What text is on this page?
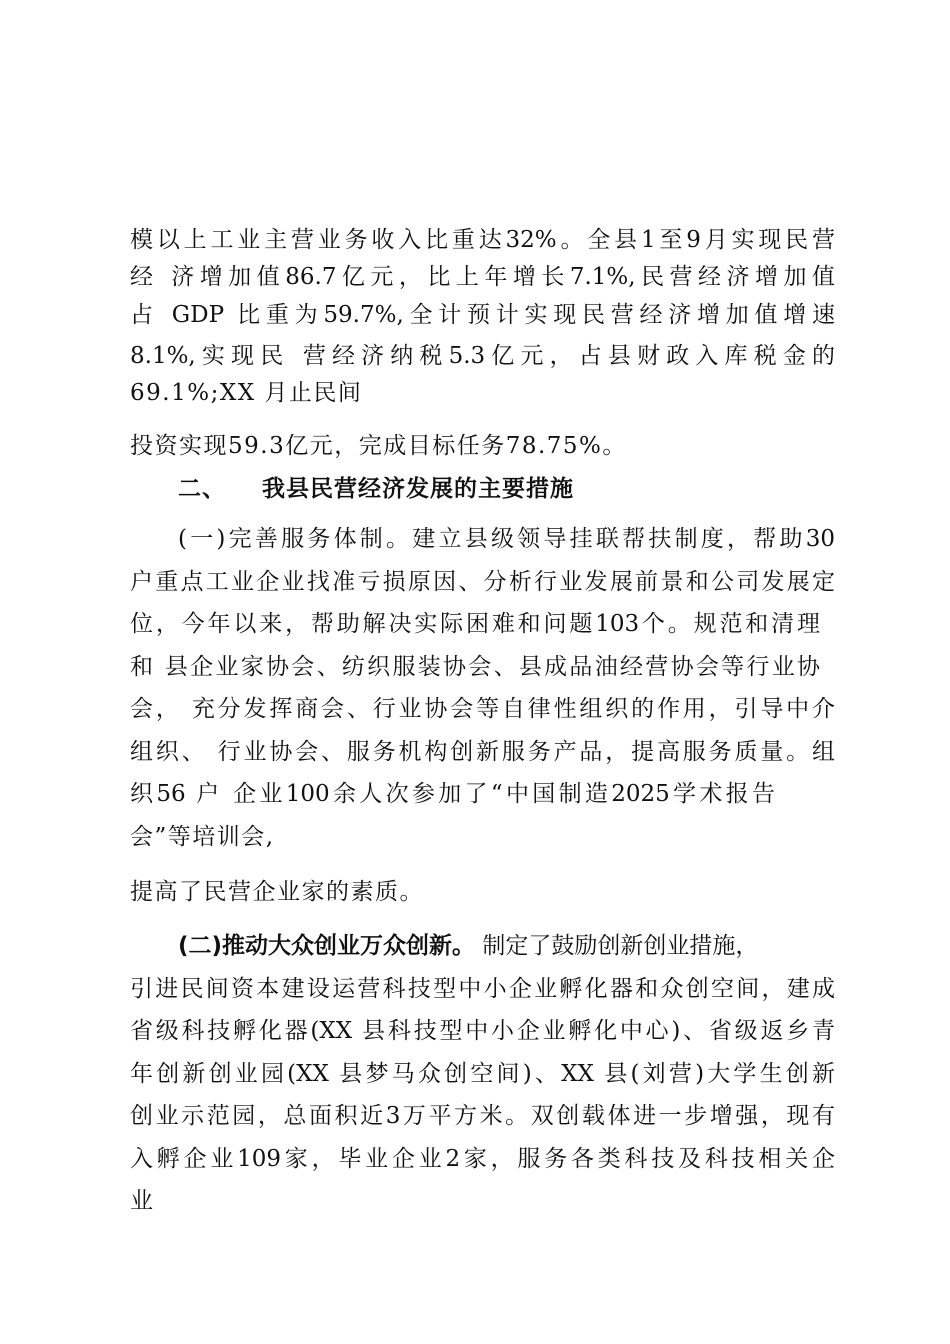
模以上工业主营业务收入比重达32%。全县1至9月实现民营
经 济增加值86.7亿元，比上年增长7.1%,民营经济增加值
占 GDP 比重为59.7%,全计预计实现民营经济增加值增速
8.1%,实现民 营经济纳税5.3亿元，占县财政入库税金的
69.1%;XX 月止民间
投资实现59.3亿元，完成目标任务78.75%。
二、 我县民营经济发展的主要措施
(一)完善服务体制。建立县级领导挂联帮扶制度，帮助30
户重点工业企业找准亏损原因、分析行业发展前景和公司发展定
位，今年以来，帮助解决实际困难和问题103个。规范和清理
和 县企业家协会、纺织服装协会、县成品油经营协会等行业协
会， 充分发挥商会、行业协会等自律性组织的作用，引导中介
组织、 行业协会、服务机构创新服务产品，提高服务质量。组
织56 户 企业100余人次参加了“中国制造2025学术报告
会”等培训会,
提高了民营企业家的素质。
(二)推动大众创业万众创新。 制定了鼓励创新创业措施，
引进民间资本建设运营科技型中小企业孵化器和众创空间，建成
省级科技孵化器(XX 县科技型中小企业孵化中心)、省级返乡青
年创新创业园(XX 县梦马众创空间)、XX 县(刘营)大学生创新
创业示范园，总面积近3万平方米。双创载体进一步增强，现有
入孵企业109家，毕业企业2家，服务各类科技及科技相关企
业
